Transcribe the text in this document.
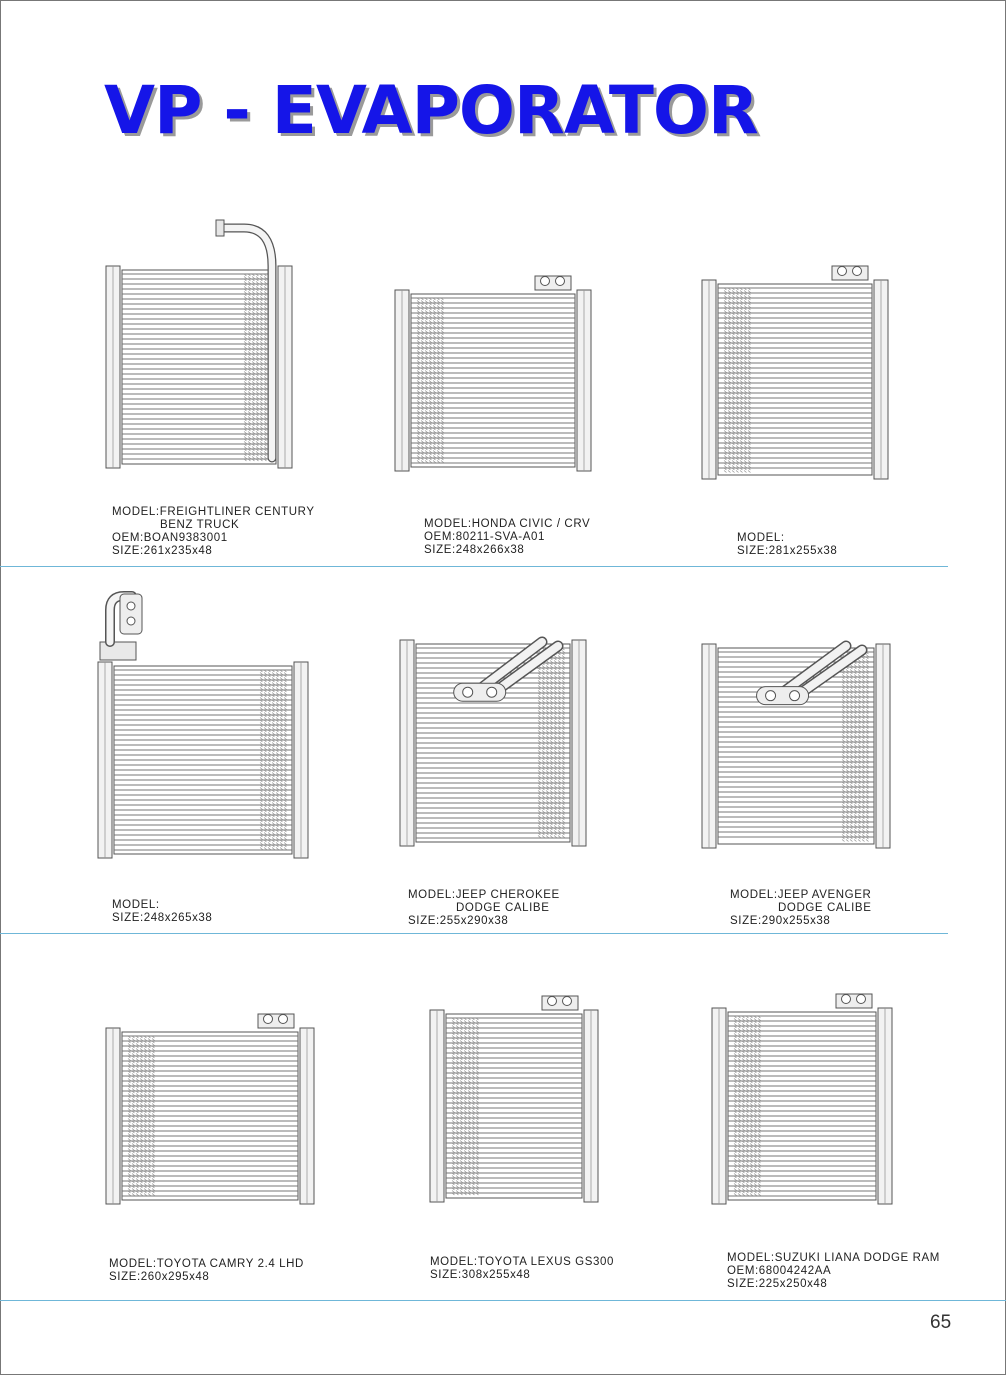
VP - EVAPORATOR
MODEL:FREIGHTLINER CENTURY
BENZ TRUCK
OEM:BOAN9383001
SIZE:261x235x48
MODEL:HONDA CIVIC / CRV
OEM:80211-SVA-A01
SIZE:248x266x38
MODEL:
SIZE:281x255x38
MODEL:
SIZE:248x265x38
MODEL:JEEP CHEROKEE
DODGE CALIBE
SIZE:255x290x38
MODEL:JEEP AVENGER
DODGE CALIBE
SIZE:290x255x38
MODEL:TOYOTA CAMRY 2.4 LHD
SIZE:260x295x48
MODEL:TOYOTA LEXUS GS300
SIZE:308x255x48
MODEL:SUZUKI LIANA DODGE RAM
OEM:68004242AA
SIZE:225x250x48
65
